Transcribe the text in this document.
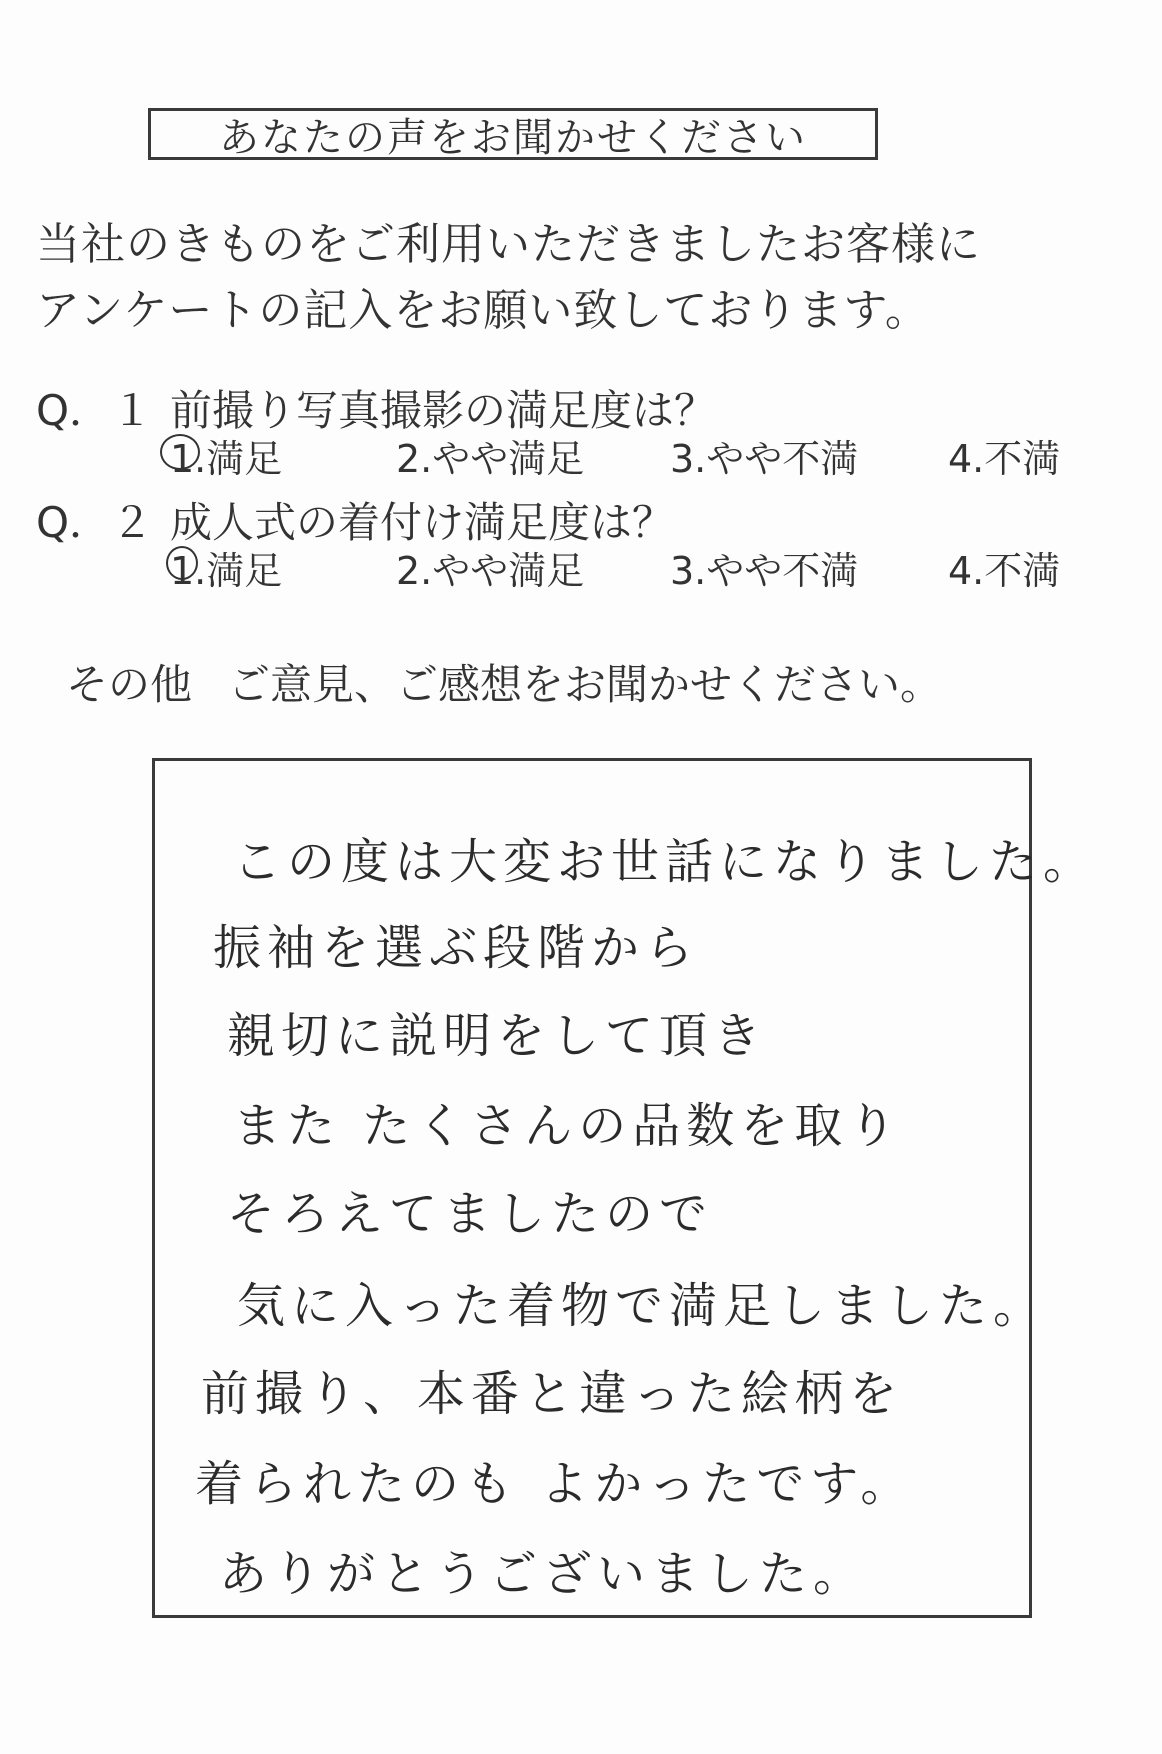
あなたの声をお聞かせください
当社のきものをご利用いただきましたお客様に
アンケートの記入をお願い致しております。
Q．１ 前撮り写真撮影の満足度は？
1.満足	2.やや満足 3.やや不満 4.不満
Q．２ 成人式の着付け満足度は？
1.満足	2.やや満足 3.やや不満 4.不満
その他 ご意見、ご感想をお聞かせください。
この度は大変お世話になりました。
振袖を選ぶ段階から
親切に説明をして頂き
また たくさんの品数を取り
そろえてましたので
気に入った着物で満足しました。
前撮り、本番と違った絵柄を
着られたのも よかったです。
ありがとうございました。
